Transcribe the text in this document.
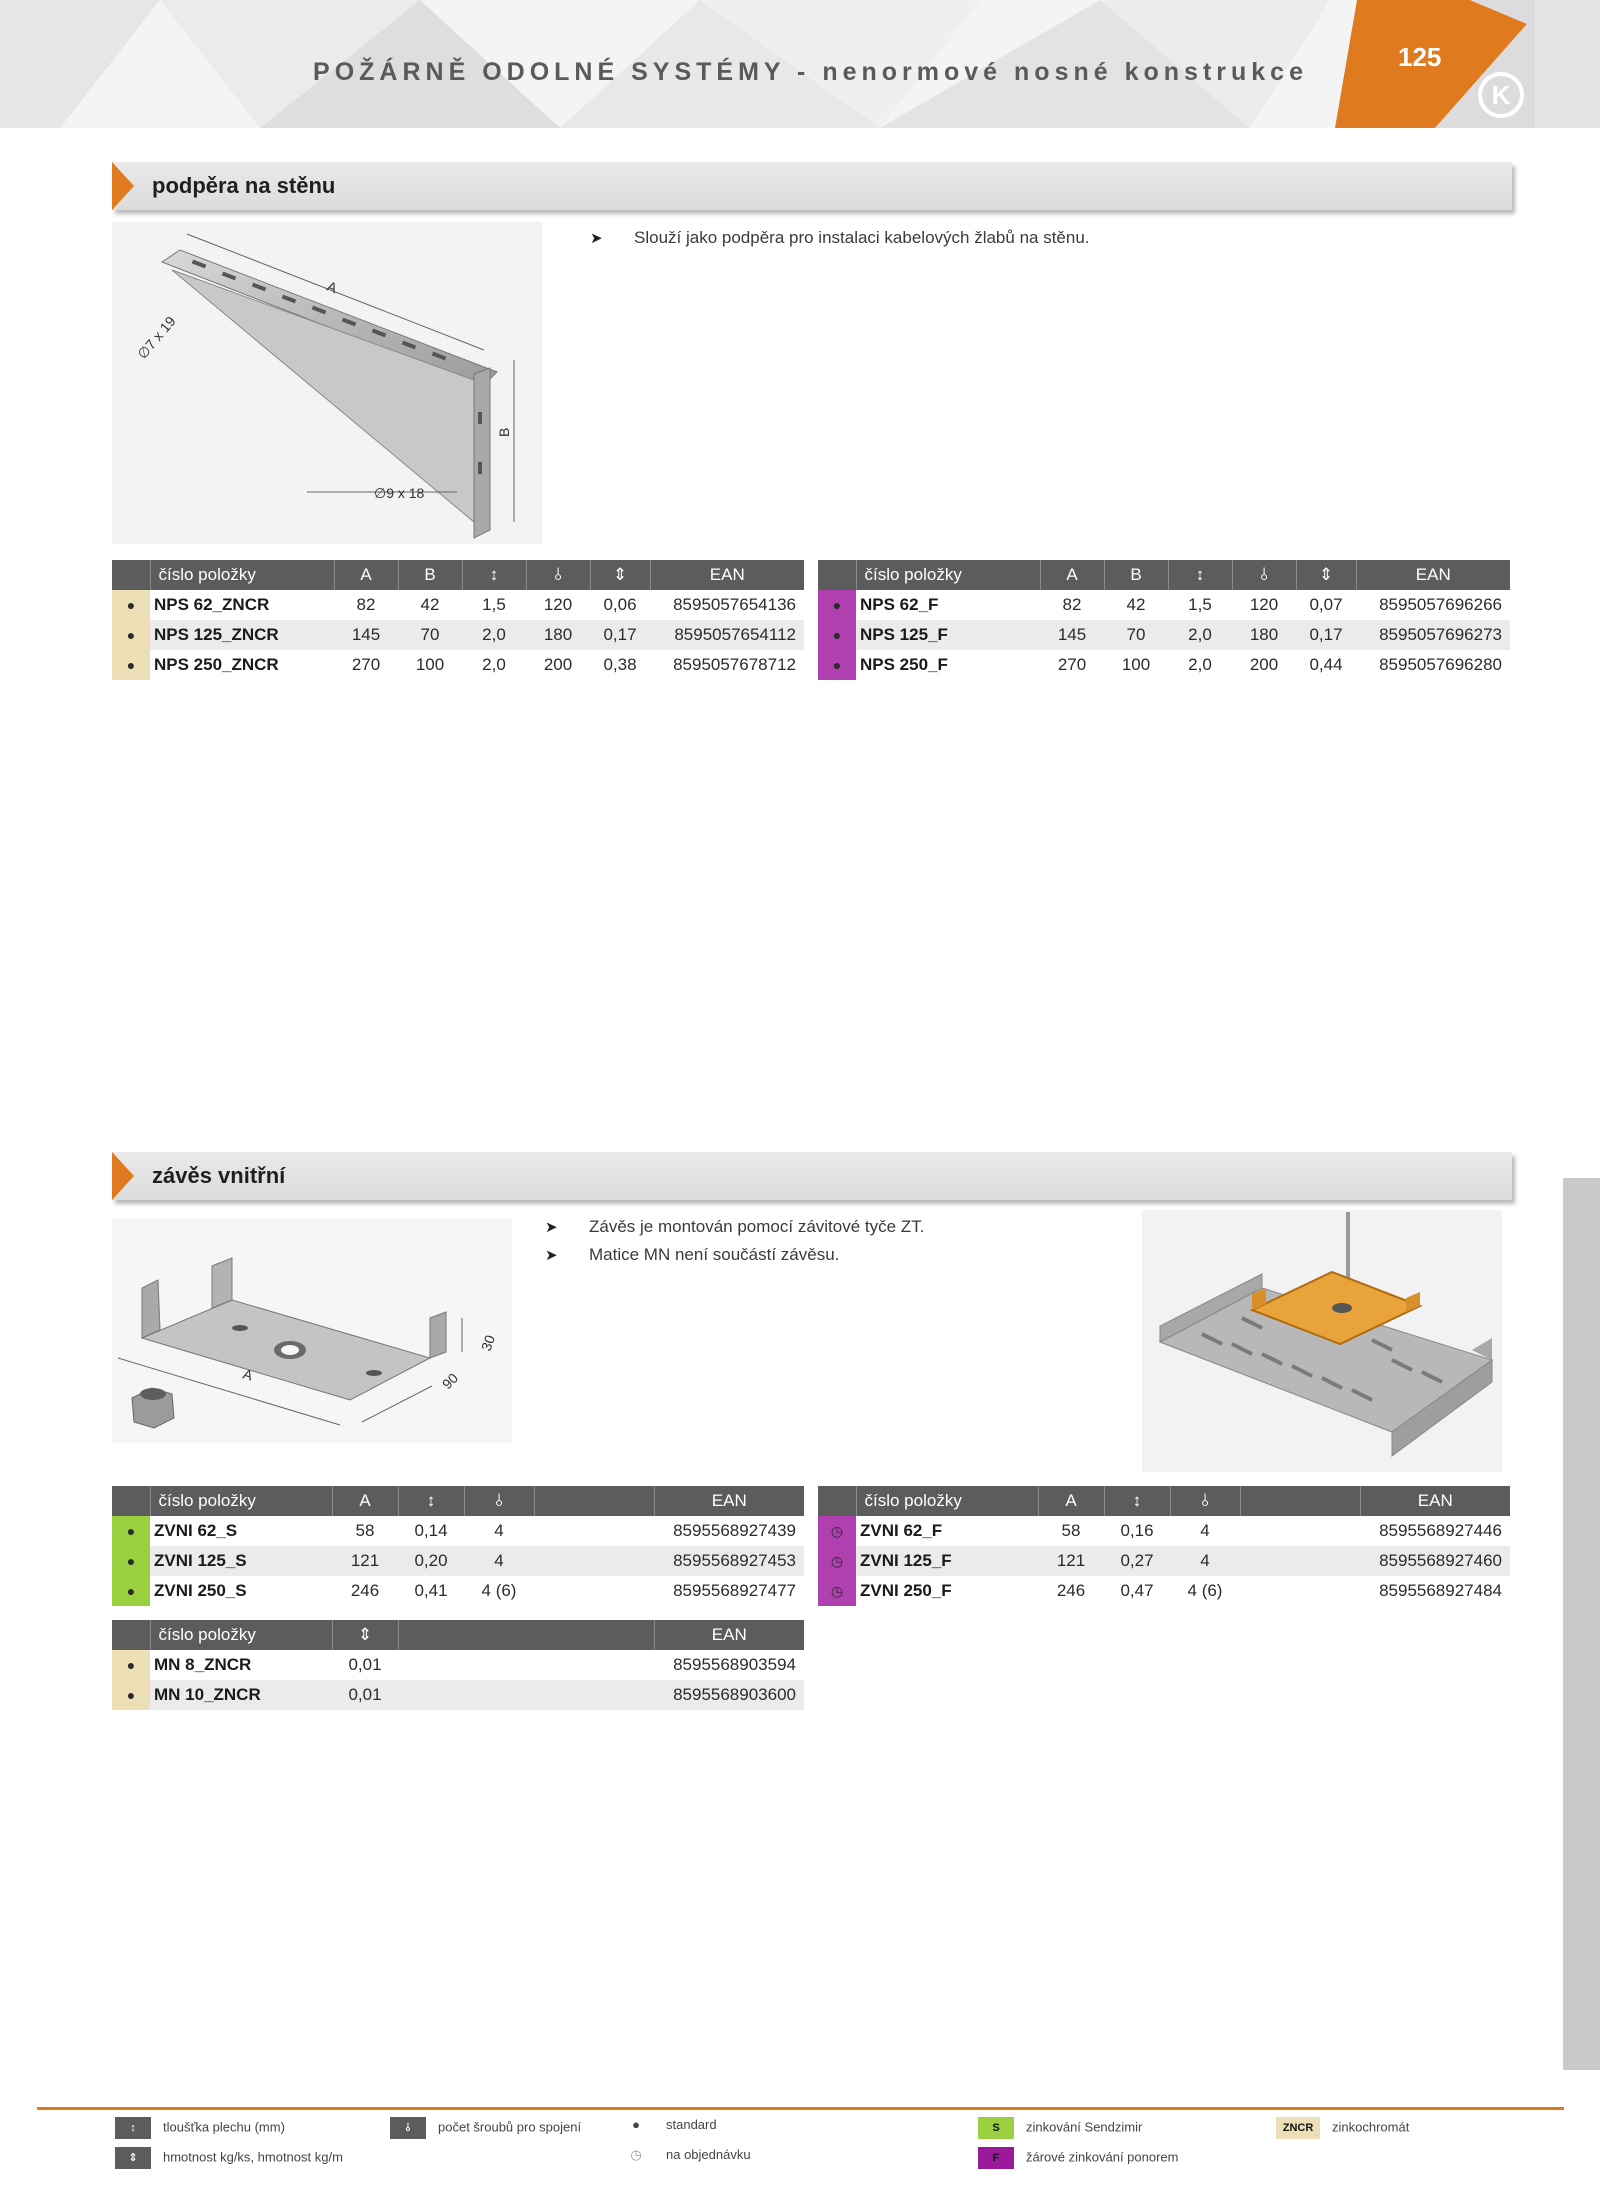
POŽÁRNĚ ODOLNÉ SYSTÉMY - nenormové nosné konstrukce	125
K
podpěra na stěnu
A
B
∅7 x 19
∅9 x 18
➤ Slouží jako podpěra pro instalaci kabelových žlabů na stěnu.
	číslo položky	A	B	↕	⫰	⇕	EAN
●	NPS 62_ZNCR	82	42	1,5	120	0,06	8595057654136
●	NPS 125_ZNCR	145	70	2,0	180	0,17	8595057654112
●	NPS 250_ZNCR	270	100	2,0	200	0,38	8595057678712
	číslo položky	A	B	↕	⫰	⇕	EAN
●	NPS 62_F	82	42	1,5	120	0,07	8595057696266
●	NPS 125_F	145	70	2,0	180	0,17	8595057696273
●	NPS 250_F	270	100	2,0	200	0,44	8595057696280
závěs vnitřní
A
30
90
➤ Závěs je montován pomocí závitové tyče ZT.
➤ Matice MN není součástí závěsu.
	číslo položky	A	↕	⫰		EAN
●	ZVNI 62_S	58	0,14	4		8595568927439
●	ZVNI 125_S	121	0,20	4		8595568927453
●	ZVNI 250_S	246	0,41	4 (6)		8595568927477
	číslo položky	A	↕	⫰		EAN
◷	ZVNI 62_F	58	0,16	4		8595568927446
◷	ZVNI 125_F	121	0,27	4		8595568927460
◷	ZVNI 250_F	246	0,47	4 (6)		8595568927484
	číslo položky	⇕		EAN
●	MN 8_ZNCR	0,01		8595568903594
●	MN 10_ZNCR	0,01		8595568903600
↕ tloušťka plechu (mm)
⇕ hmotnost kg/ks, hmotnost kg/m
⫰ počet šroubů pro spojení	● standard
◷ na objednávku
S zinkování Sendzimir
F žárové zinkování ponorem
ZNCR zinkochromát
